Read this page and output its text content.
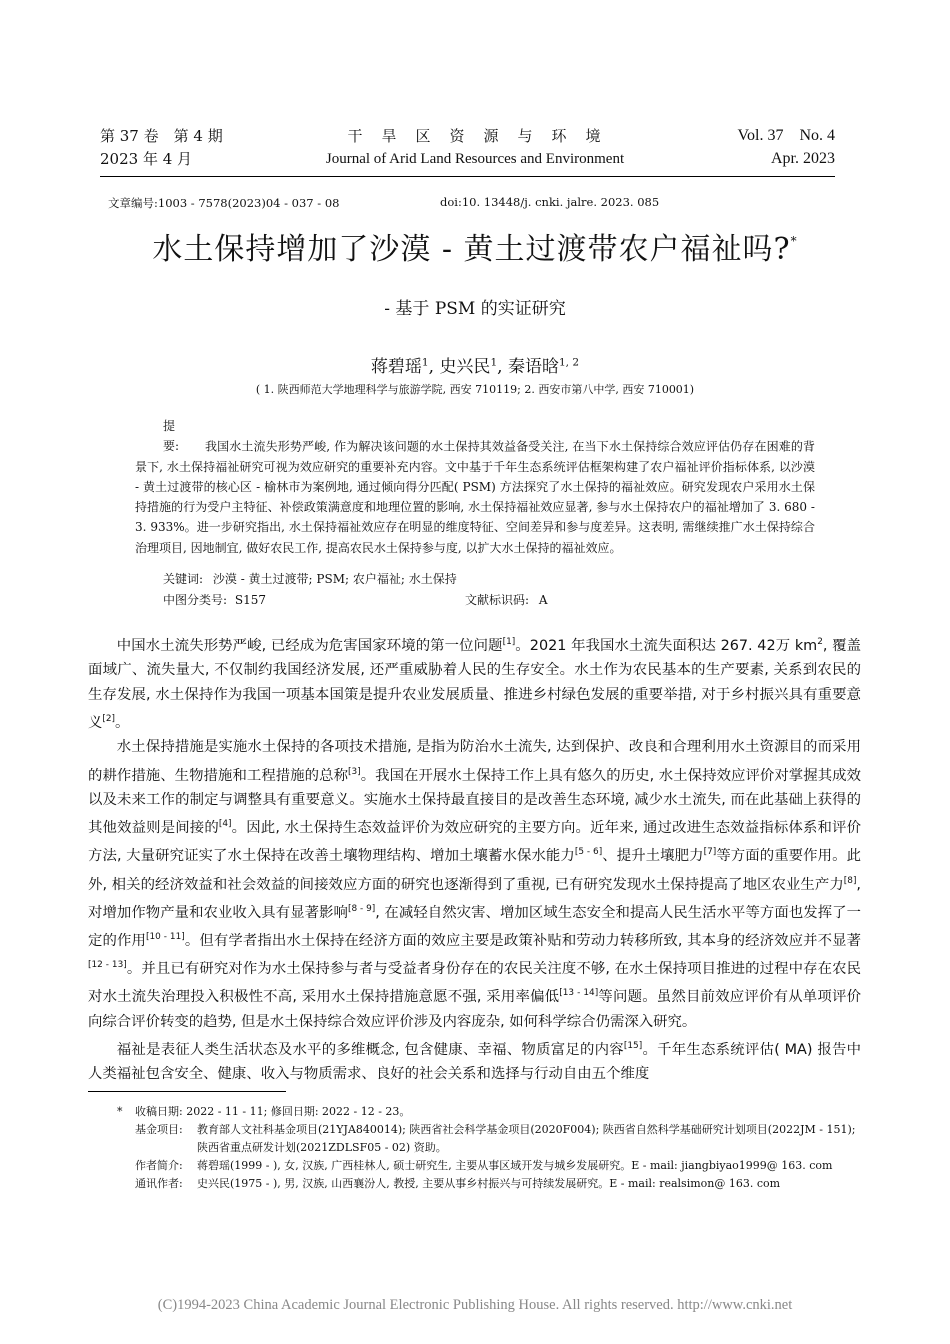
第 37 卷　第 4 期
2023 年 4 月
干　旱　区　资　源　与　环　境
Journal of Arid Land Resources and Environment
Vol. 37　No. 4
Apr. 2023
文章编号:1003 - 7578(2023)04 - 037 - 08	doi:10. 13448/j. cnki. jalre. 2023. 085
水土保持增加了沙漠 - 黄土过渡带农户福祉吗?*
- 基于 PSM 的实证研究
蒋碧瑶$^1$, 史兴民$^1$, 秦语晗$^{1, 2}$
( 1. 陕西师范大学地理科学与旅游学院, 西安 710119; 2. 西安市第八中学, 西安 710001)
提　要: 我国水土流失形势严峻, 作为解决该问题的水土保持其效益备受关注, 在当下水土保持综合效应评估仍存在困难的背景下, 水土保持福祉研究可视为效应研究的重要补充内容。文中基于千年生态系统评估框架构建了农户福祉评价指标体系, 以沙漠 - 黄土过渡带的核心区 - 榆林市为案例地, 通过倾向得分匹配( PSM) 方法探究了水土保持的福祉效应。研究发现农户采用水土保持措施的行为受户主特征、补偿政策满意度和地理位置的影响, 水土保持福祉效应显著, 参与水土保持农户的福祉增加了 3. 680 - 3. 933%。进一步研究指出, 水土保持福祉效应存在明显的维度特征、空间差异和参与度差异。这表明, 需继续推广水土保持综合治理项目, 因地制宜, 做好农民工作, 提高农民水土保持参与度, 以扩大水土保持的福祉效应。
关键词: 沙漠 - 黄土过渡带; PSM; 农户福祉; 水土保持
中图分类号: S157	文献标识码: A

中国水土流失形势严峻, 已经成为危害国家环境的第一位问题[1]。2021 年我国水土流失面积达 267. 42万 $km^2$, 覆盖面域广、流失量大, 不仅制约我国经济发展, 还严重威胁着人民的生存安全。水土作为农民基本的生产要素, 关系到农民的生存发展, 水土保持作为我国一项基本国策是提升农业发展质量、推进乡村绿色发展的重要举措, 对于乡村振兴具有重要意义[2]。

水土保持措施是实施水土保持的各项技术措施, 是指为防治水土流失, 达到保护、改良和合理利用水土资源目的而采用的耕作措施、生物措施和工程措施的总称[3]。我国在开展水土保持工作上具有悠久的历史, 水土保持效应评价对掌握其成效以及未来工作的制定与调整具有重要意义。实施水土保持最直接目的是改善生态环境, 减少水土流失, 而在此基础上获得的其他效益则是间接的[4]。因此, 水土保持生态效益评价为效应研究的主要方向。近年来, 通过改进生态效益指标体系和评价方法, 大量研究证实了水土保持在改善土壤物理结构、增加土壤蓄水保水能力[5 - 6]、提升土壤肥力[7]等方面的重要作用。此外, 相关的经济效益和社会效益的间接效应方面的研究也逐渐得到了重视, 已有研究发现水土保持提高了地区农业生产力[8], 对增加作物产量和农业收入具有显著影响[8 - 9], 在减轻自然灾害、增加区域生态安全和提高人民生活水平等方面也发挥了一定的作用[10 - 11]。但有学者指出水土保持在经济方面的效应主要是政策补贴和劳动力转移所致, 其本身的经济效应并不显著[12 - 13]。并且已有研究对作为水土保持参与者与受益者身份存在的农民关注度不够, 在水土保持项目推进的过程中存在农民对水土流失治理投入积极性不高, 采用水土保持措施意愿不强, 采用率偏低[13 - 14]等问题。虽然目前效应评价有从单项评价向综合评价转变的趋势, 但是水土保持综合效应评价涉及内容庞杂, 如何科学综合仍需深入研究。

福祉是表征人类生活状态及水平的多维概念, 包含健康、幸福、物质富足的内容[15]。千年生态系统评估( MA) 报告中人类福祉包含安全、健康、收入与物质需求、良好的社会关系和选择与行动自由五个维度

* 收稿日期: 2022 - 11 - 11; 修回日期: 2022 - 12 - 23。
基金项目:	教育部人文社科基金项目(21YJA840014); 陕西省社会科学基金项目(2020F004); 陕西省自然科学基础研究计划项目(2022JM - 151); 陕西省重点研发计划(2021ZDLSF05 - 02) 资助。
作者简介:	蒋碧瑶(1999 - ), 女, 汉族, 广西桂林人, 硕士研究生, 主要从事区域开发与城乡发展研究。E - mail: jiangbiyao1999@ 163. com
通讯作者:	史兴民(1975 - ), 男, 汉族, 山西襄汾人, 教授, 主要从事乡村振兴与可持续发展研究。E - mail: realsimon@ 163. com
(C)1994-2023 China Academic Journal Electronic Publishing House. All rights reserved. http://www.cnki.net
